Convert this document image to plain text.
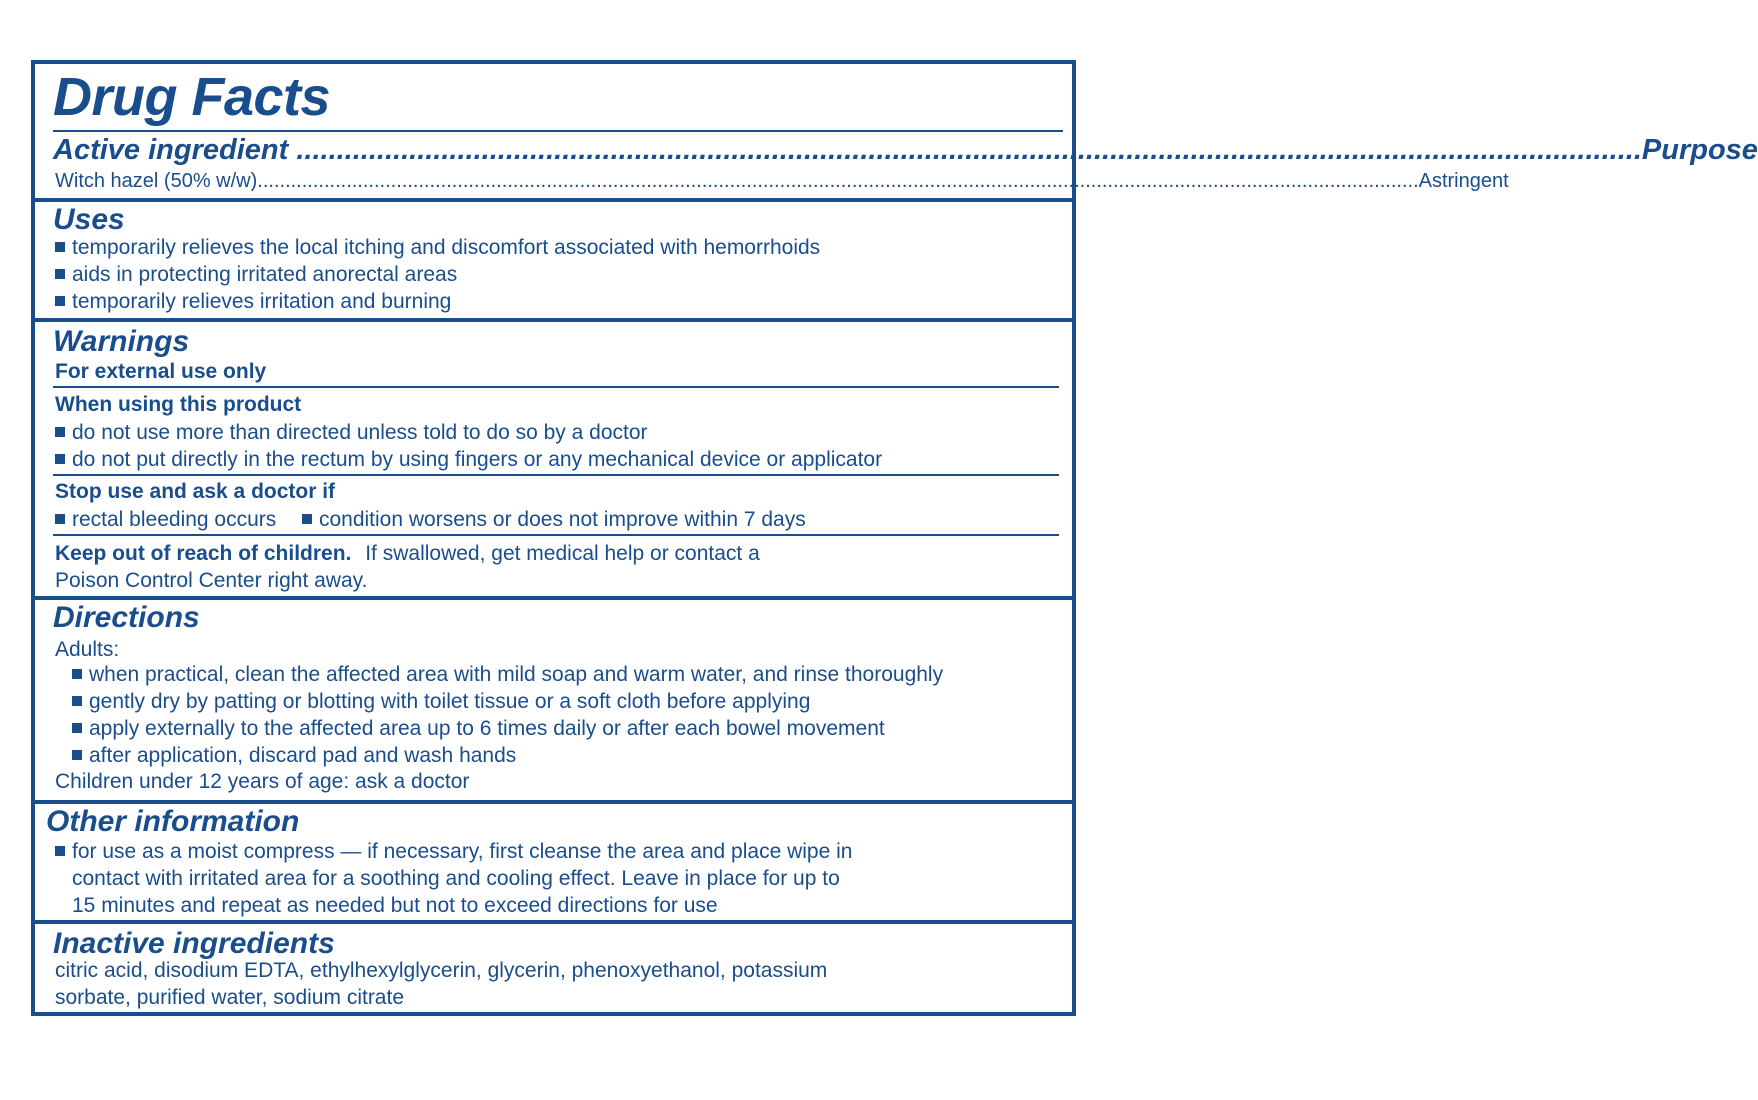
Drug Facts
Active ingredient ....................................................................................................................................................................... Purpose
Witch hazel (50% w/w) ................................................................................................................................................................................................................. Astringent
Uses
temporarily relieves the local itching and discomfort associated with hemorrhoids
aids in protecting irritated anorectal areas
temporarily relieves irritation and burning
Warnings
For external use only
When using this product
do not use more than directed unless told to do so by a doctor
do not put directly in the rectum by using fingers or any mechanical device or applicator
Stop use and ask a doctor if
rectal bleeding occurs condition worsens or does not improve within 7 days
Keep out of reach of children. If swallowed, get medical help or contact a
Poison Control Center right away.
Directions
Adults:
when practical, clean the affected area with mild soap and warm water, and rinse thoroughly
gently dry by patting or blotting with toilet tissue or a soft cloth before applying
apply externally to the affected area up to 6 times daily or after each bowel movement
after application, discard pad and wash hands
Children under 12 years of age: ask a doctor
Other information
for use as a moist compress — if necessary, first cleanse the area and place wipe in
contact with irritated area for a soothing and cooling effect. Leave in place for up to
15 minutes and repeat as needed but not to exceed directions for use
Inactive ingredients
citric acid, disodium EDTA, ethylhexylglycerin, glycerin, phenoxyethanol, potassium
sorbate, purified water, sodium citrate
